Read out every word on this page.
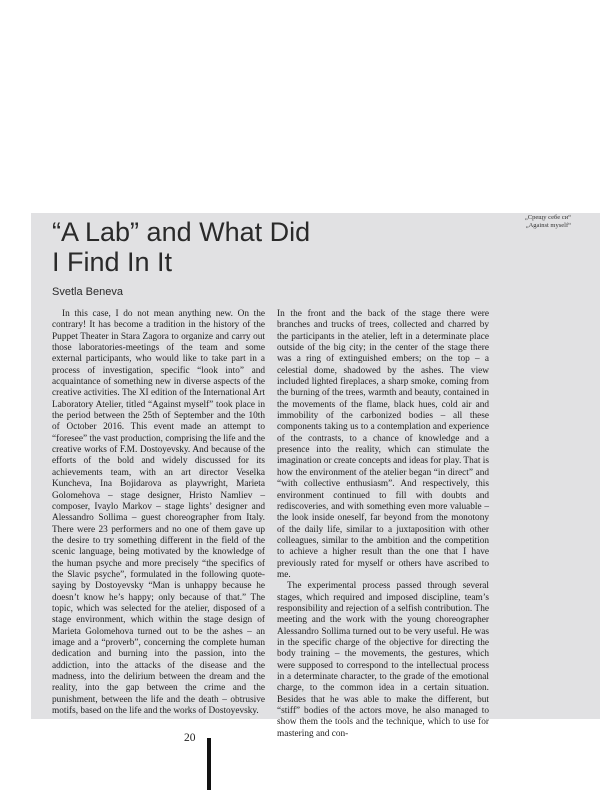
„Срещу себе си“
„Against myself“
“A Lab” and What Did
I Find In It
Svetla Beneva

In this case, I do not mean anything new. On the contrary! It has become a tradition in the history of the Puppet Theater in Stara Zagora to organize and carry out those laboratories-meetings of the team and some external participants, who would like to take part in a process of investigation, specific “look into” and acquaintance of something new in diverse aspects of the creative activities. The XI edition of the International Art Laboratory Atelier, titled “Against myself” took place in the period between the 25th of September and the 10th of October 2016. This event made an attempt to “foresee” the vast production, comprising the life and the creative works of F.M. Dostoyevsky. And because of the efforts of the bold and widely discussed for its achievements team, with an art director Veselka Kuncheva, Ina Bojidarova as playwright, Marieta Golomehova – stage designer, Hristo Namliev – composer, Ivaylo Markov – stage lights’ designer and Alessandro Sollima – guest choreographer from Italy. There were 23 performers and no one of them gave up the desire to try something different in the field of the scenic language, being motivated by the knowledge of the human psyche and more precisely “the specifics of the Slavic psyche”, formulated in the following quote-saying by Dostoyevsky “Man is unhappy because he doesn’t know he’s happy; only because of that.” The topic, which was selected for the atelier, disposed of a stage environment, which within the stage design of Marieta Golomehova turned out to be the ashes – an image and a “proverb”, concerning the complete human dedication and burning into the passion, into the addiction, into the attacks of the disease and the madness, into the delirium between the dream and the reality, into the gap between the crime and the punishment, between the life and the death – obtrusive motifs, based on the life and the works of Dostoyevsky.

In the front and the back of the stage there were branches and trucks of trees, collected and charred by the participants in the atelier, left in a determinate place outside of the big city; in the center of the stage there was a ring of extinguished embers; on the top – a celestial dome, shadowed by the ashes. The view included lighted fireplaces, a sharp smoke, coming from the burning of the trees, warmth and beauty, contained in the movements of the flame, black hues, cold air and immobility of the carbonized bodies – all these components taking us to a contemplation and experience of the contrasts, to a chance of knowledge and a presence into the reality, which can stimulate the imagination or create concepts and ideas for play. That is how the environment of the atelier began “in direct” and “with collective enthusiasm”. And respectively, this environment continued to fill with doubts and rediscoveries, and with something even more valuable – the look inside oneself, far beyond from the monotony of the daily life, similar to a juxtaposition with other colleagues, similar to the ambition and the competition to achieve a higher result than the one that I have previously rated for myself or others have ascribed to me.

The experimental process passed through several stages, which required and imposed discipline, team’s responsibility and rejection of a selfish contribution. The meeting and the work with the young choreographer Alessandro Sollima turned out to be very useful. He was in the specific charge of the objective for directing the body training – the movements, the gestures, which were supposed to correspond to the intellectual process in a determinate character, to the grade of the emotional charge, to the common idea in a certain situation. Besides that he was able to make the different, but “stiff” bodies of the actors move, he also managed to show them the tools and the technique, which to use for mastering and con-

20
